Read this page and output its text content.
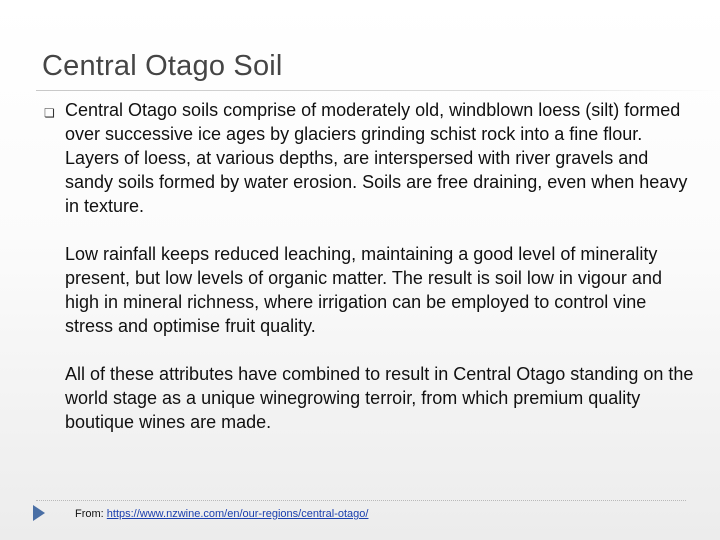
Central Otago Soil
❏ Central Otago soils comprise of moderately old, windblown loess (silt) formed over successive ice ages by glaciers grinding schist rock into a fine flour. Layers of loess, at various depths, are interspersed with river gravels and sandy soils formed by water erosion. Soils are free draining, even when heavy in texture.

Low rainfall keeps reduced leaching, maintaining a good level of minerality present, but low levels of organic matter. The result is soil low in vigour and high in mineral richness, where irrigation can be employed to control vine stress and optimise fruit quality.

All of these attributes have combined to result in Central Otago standing on the world stage as a unique winegrowing terroir, from which premium quality boutique wines are made.

From: https://www.nzwine.com/en/our-regions/central-otago/
